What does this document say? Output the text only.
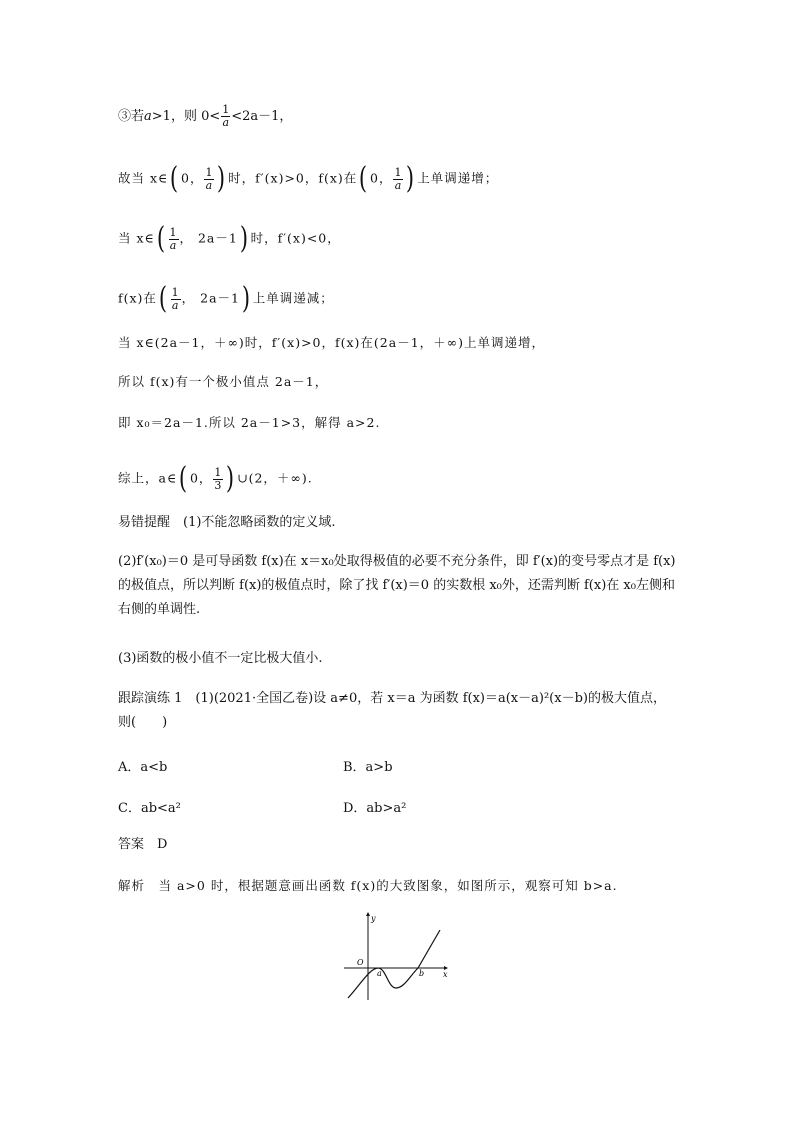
③若a>1，则 $0< \frac{1}{a} <2a-1$，
故当 x∈( 0， $\frac{1}{a}$ ) 时，f′(x)>0，f(x)在( 0， $\frac{1}{a}$ ) 上单调递增；
当 x∈( $\frac{1}{a}$ ， 2a－1) 时，f′(x)<0，
f(x)在( $\frac{1}{a}$ ， 2a－1) 上单调递减；
当 x∈(2a－1，＋∞)时，f′(x)>0，f(x)在(2a－1，＋∞)上单调递增，
所以 f(x)有一个极小值点 2a－1，
即 x₀＝2a－1.所以 2a－1>3，解得 a>2.
综上，a∈( 0， $\frac{1}{3}$ ) ∪(2，＋∞).
易错提醒　(1)不能忽略函数的定义域.
(2)f′(x₀)＝0 是可导函数 f(x)在 x＝x₀处取得极值的必要不充分条件，即 f′(x)的变号零点才是 f(x)的极值点，所以判断 f(x)的极值点时，除了找 f′(x)＝0 的实数根 x₀外，还需判断 f(x)在 x₀左侧和右侧的单调性.
(3)函数的极小值不一定比极大值小.
跟踪演练 1　(1)(2021·全国乙卷)设 a≠0，若 x＝a 为函数 f(x)＝a(x－a)²(x－b)的极大值点，则(　　)
A．a<b	B．a>b
C．ab<a²	D．ab>a²
答案　D
解析　当 a>0 时，根据题意画出函数 f(x)的大致图象，如图所示，观察可知 b>a.
y
x
O
a	b
